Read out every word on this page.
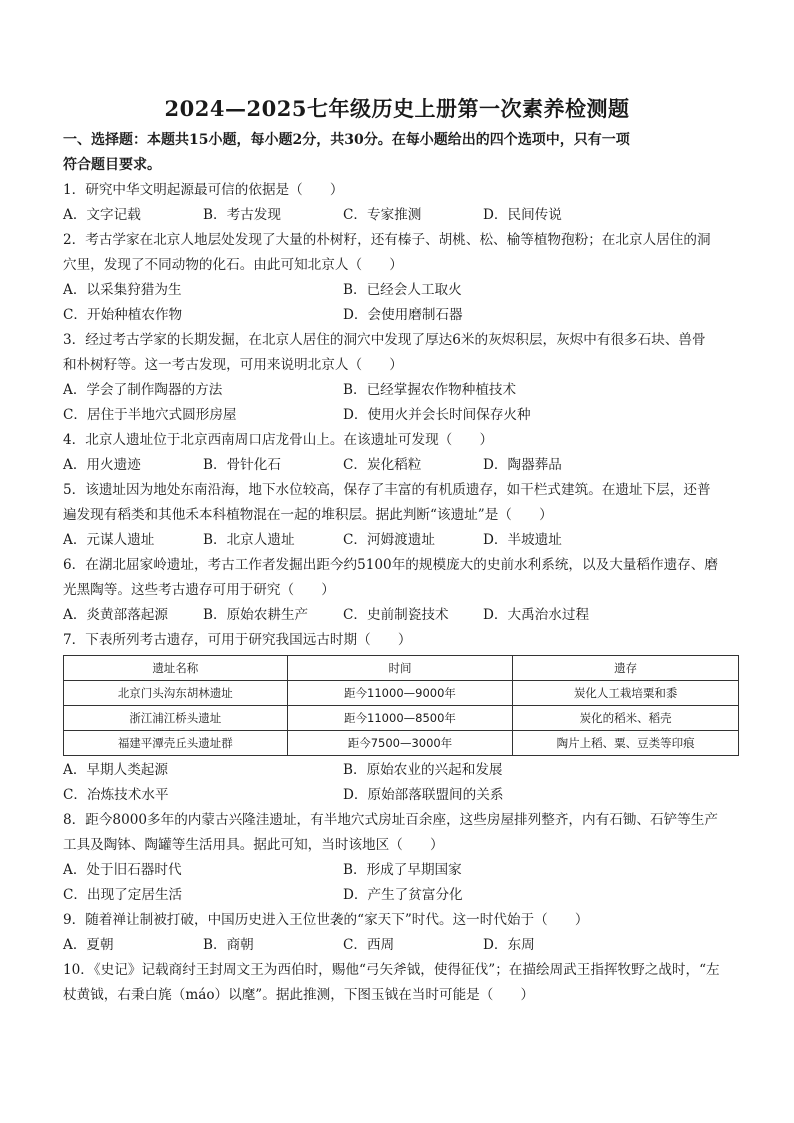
2024—2025七年级历史上册第一次素养检测题
一、选择题：本题共15小题，每小题2分，共30分。在每小题给出的四个选项中，只有一项
符合题目要求。
1．研究中华文明起源最可信的依据是（　　）
A．文字记载	B．考古发现	C．专家推测	D．民间传说
2．考古学家在北京人地层处发现了大量的朴树籽，还有榛子、胡桃、松、榆等植物孢粉；在北京人居住的洞
穴里，发现了不同动物的化石。由此可知北京人（　　）
A．以采集狩猎为生	B．已经会人工取火
C．开始种植农作物	D．会使用磨制石器
3．经过考古学家的长期发掘，在北京人居住的洞穴中发现了厚达6米的灰烬积层，灰烬中有很多石块、兽骨
和朴树籽等。这一考古发现，可用来说明北京人（　　）
A．学会了制作陶器的方法	B．已经掌握农作物种植技术
C．居住于半地穴式圆形房屋	D．使用火并会长时间保存火种
4．北京人遗址位于北京西南周口店龙骨山上。在该遗址可发现（　　）
A．用火遗迹	B．骨针化石	C．炭化稻粒	D．陶器葬品
5．该遗址因为地处东南沿海，地下水位较高，保存了丰富的有机质遗存，如干栏式建筑。在遗址下层，还普
遍发现有稻类和其他禾本科植物混在一起的堆积层。据此判断“该遗址”是（　　）
A．元谋人遗址	B．北京人遗址	C．河姆渡遗址	D．半坡遗址
6．在湖北屈家岭遗址，考古工作者发掘出距今约5100年的规模庞大的史前水利系统，以及大量稻作遗存、磨
光黑陶等。这些考古遗存可用于研究（　　）
A．炎黄部落起源	B．原始农耕生产	C．史前制瓷技术	D．大禹治水过程
7．下表所列考古遗存，可用于研究我国远古时期（　　）
遗址名称	时间	遗存
北京门头沟东胡林遗址	距今11000—9000年	炭化人工栽培粟和黍
浙江浦江桥头遗址	距今11000—8500年	炭化的稻米、稻壳
福建平潭壳丘头遗址群	距今7500—3000年	陶片上稻、粟、豆类等印痕
A．早期人类起源	B．原始农业的兴起和发展
C．冶炼技术水平	D．原始部落联盟间的关系
8．距今8000多年的内蒙古兴隆洼遗址，有半地穴式房址百余座，这些房屋排列整齐，内有石锄、石铲等生产
工具及陶钵、陶罐等生活用具。据此可知，当时该地区（　　）
A．处于旧石器时代	B．形成了早期国家
C．出现了定居生活	D．产生了贫富分化
9．随着禅让制被打破，中国历史进入王位世袭的“家天下”时代。这一时代始于（　　）
A．夏朝	B．商朝	C．西周	D．东周
10．《史记》记载商纣王封周文王为西伯时，赐他“弓矢斧钺，使得征伐”；在描绘周武王指挥牧野之战时，“左
杖黄钺，右秉白旄（máo）以麾”。据此推测，下图玉钺在当时可能是（　　）
